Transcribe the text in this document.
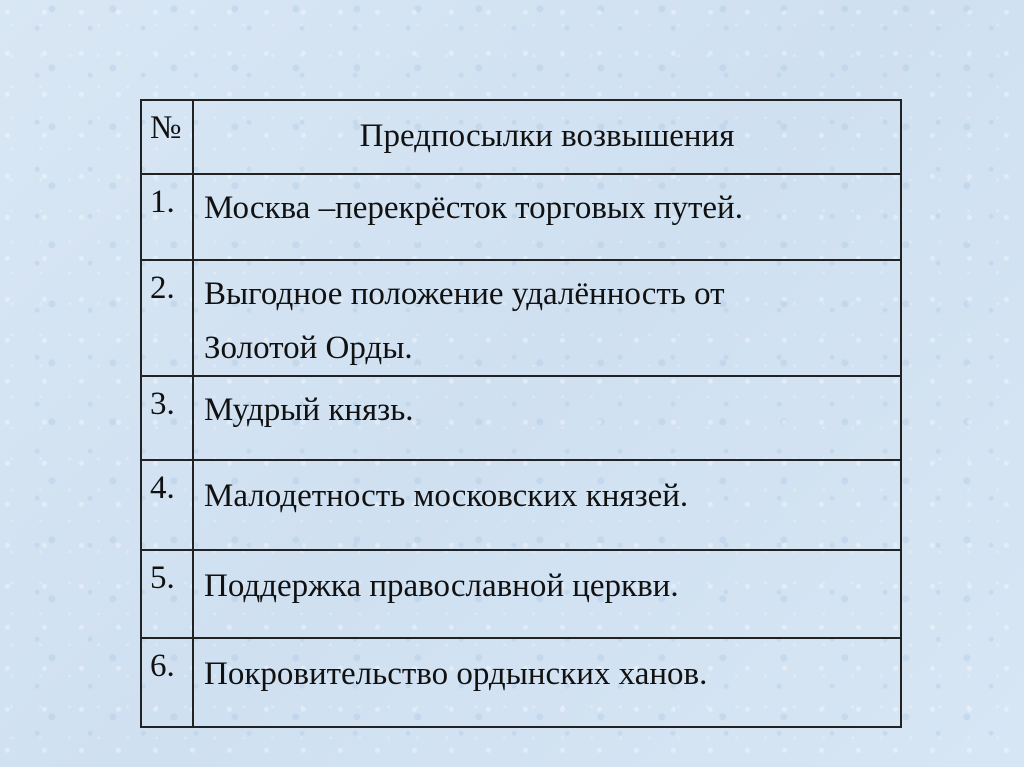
№	Предпосылки возвышения
1.	Москва –перекрёсток торговых путей.
2.	Выгодное положение удалённость от
Золотой Орды.

3.	Мудрый князь.
4.	Малодетность московских князей.
5.	Поддержка православной церкви.
6.	Покровительство ордынских ханов.
